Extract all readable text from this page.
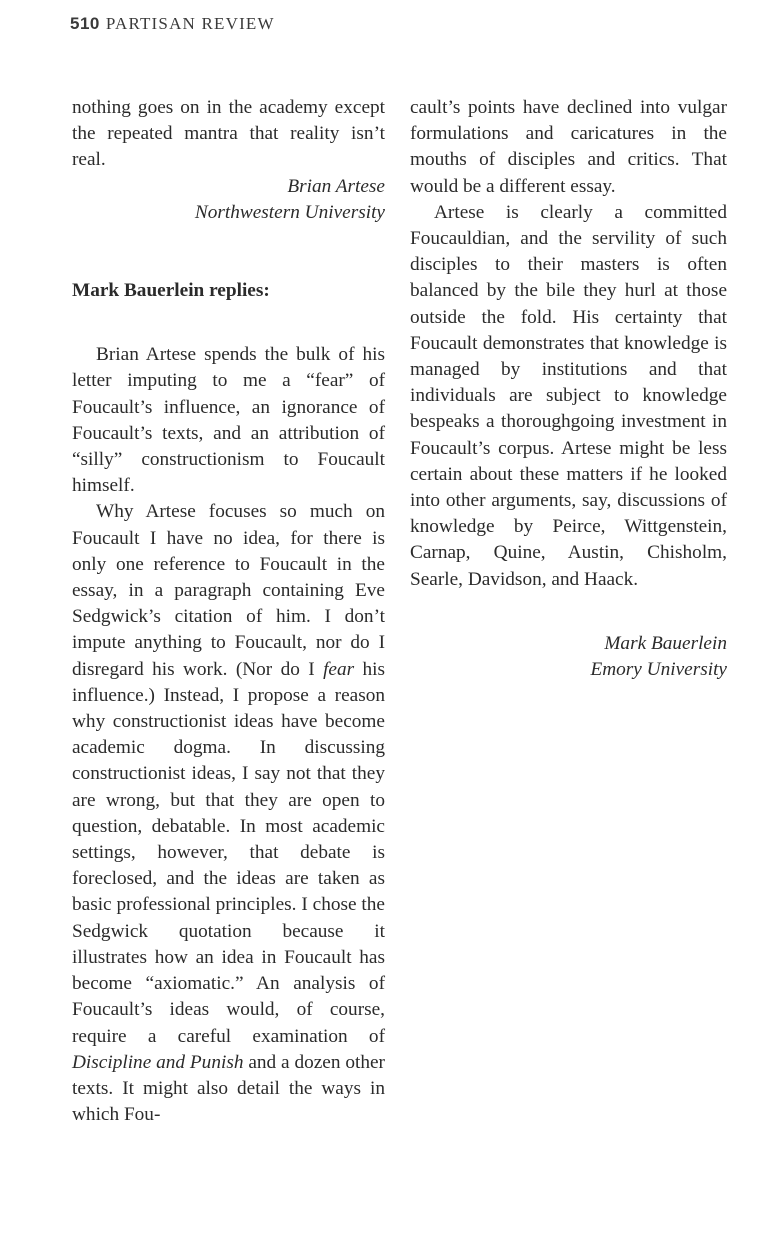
510 PARTISAN REVIEW

nothing goes on in the academy except the repeated mantra that reality isn’t real.

Brian Artese

Northwestern University

Mark Bauerlein replies:

Brian Artese spends the bulk of his letter imputing to me a “fear” of Foucault’s influence, an ignorance of Foucault’s texts, and an attribution of “silly” constructionism to Foucault himself.

Why Artese focuses so much on Foucault I have no idea, for there is only one reference to Foucault in the essay, in a paragraph containing Eve Sedgwick’s citation of him. I don’t impute anything to Foucault, nor do I disregard his work. (Nor do I fear his influence.) Instead, I propose a reason why constructionist ideas have become academic dogma. In discussing constructionist ideas, I say not that they are wrong, but that they are open to question, debatable. In most academic settings, however, that debate is foreclosed, and the ideas are taken as basic professional principles. I chose the Sedgwick quotation because it illustrates how an idea in Foucault has become “axiomatic.” An analysis of Foucault’s ideas would, of course, require a careful examination of Discipline and Punish and a dozen other texts. It might also detail the ways in which Fou-

cault’s points have declined into vulgar formulations and caricatures in the mouths of disciples and critics. That would be a different essay.

Artese is clearly a committed Foucauldian, and the servility of such disciples to their masters is often balanced by the bile they hurl at those outside the fold. His certainty that Foucault demonstrates that knowledge is managed by institutions and that individuals are subject to knowledge bespeaks a thoroughgoing investment in Foucault’s corpus. Artese might be less certain about these matters if he looked into other arguments, say, discussions of knowledge by Peirce, Wittgenstein, Carnap, Quine, Austin, Chisholm, Searle, Davidson, and Haack.

Mark Bauerlein

Emory University
